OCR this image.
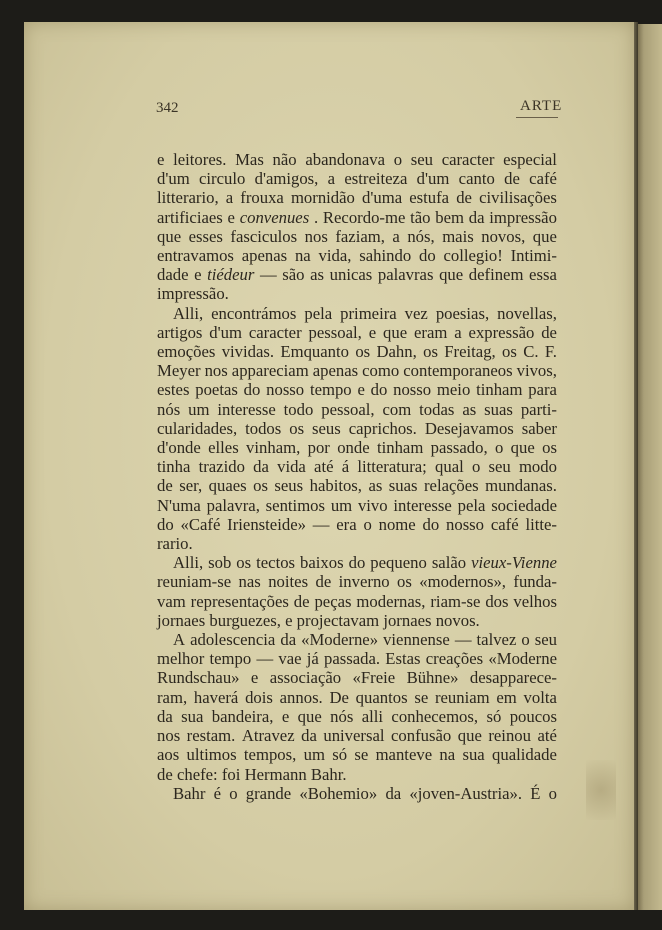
342	ARTE
e leitores. Mas não abandonava o seu caracter especial
d'um circulo d'amigos, a estreiteza d'um canto de café
litterario, a frouxa mornidão d'uma estufa de civilisações
artificiaes e convenues . Recordo-me tão bem da impressão
que esses fasciculos nos faziam, a nós, mais novos, que
entravamos apenas na vida, sahindo do collegio! Intimi-
dade e tiédeur — são as unicas palavras que definem essa
impressão.
Alli, encontrámos pela primeira vez poesias, novellas,
artigos d'um caracter pessoal, e que eram a expressão de
emoções vividas. Emquanto os Dahn, os Freitag, os C. F.
Meyer nos appareciam apenas como contemporaneos vivos,
estes poetas do nosso tempo e do nosso meio tinham para
nós um interesse todo pessoal, com todas as suas parti-
cularidades, todos os seus caprichos. Desejavamos saber
d'onde elles vinham, por onde tinham passado, o que os
tinha trazido da vida até á litteratura; qual o seu modo
de ser, quaes os seus habitos, as suas relações mundanas.
N'uma palavra, sentimos um vivo interesse pela sociedade
do «Café Iriensteide» — era o nome do nosso café litte-
rario.
Alli, sob os tectos baixos do pequeno salão vieux-Vienne
reuniam-se nas noites de inverno os «modernos», funda-
vam representações de peças modernas, riam-se dos velhos
jornaes burguezes, e projectavam jornaes novos.
A adolescencia da «Moderne» viennense — talvez o seu
melhor tempo — vae já passada. Estas creações «Moderne
Rundschau» e associação «Freie Bühne» desapparece-
ram, haverá dois annos. De quantos se reuniam em volta
da sua bandeira, e que nós alli conhecemos, só poucos
nos restam. Atravez da universal confusão que reinou até
aos ultimos tempos, um só se manteve na sua qualidade
de chefe: foi Hermann Bahr.
Bahr é o grande «Bohemio» da «joven-Austria». É o
